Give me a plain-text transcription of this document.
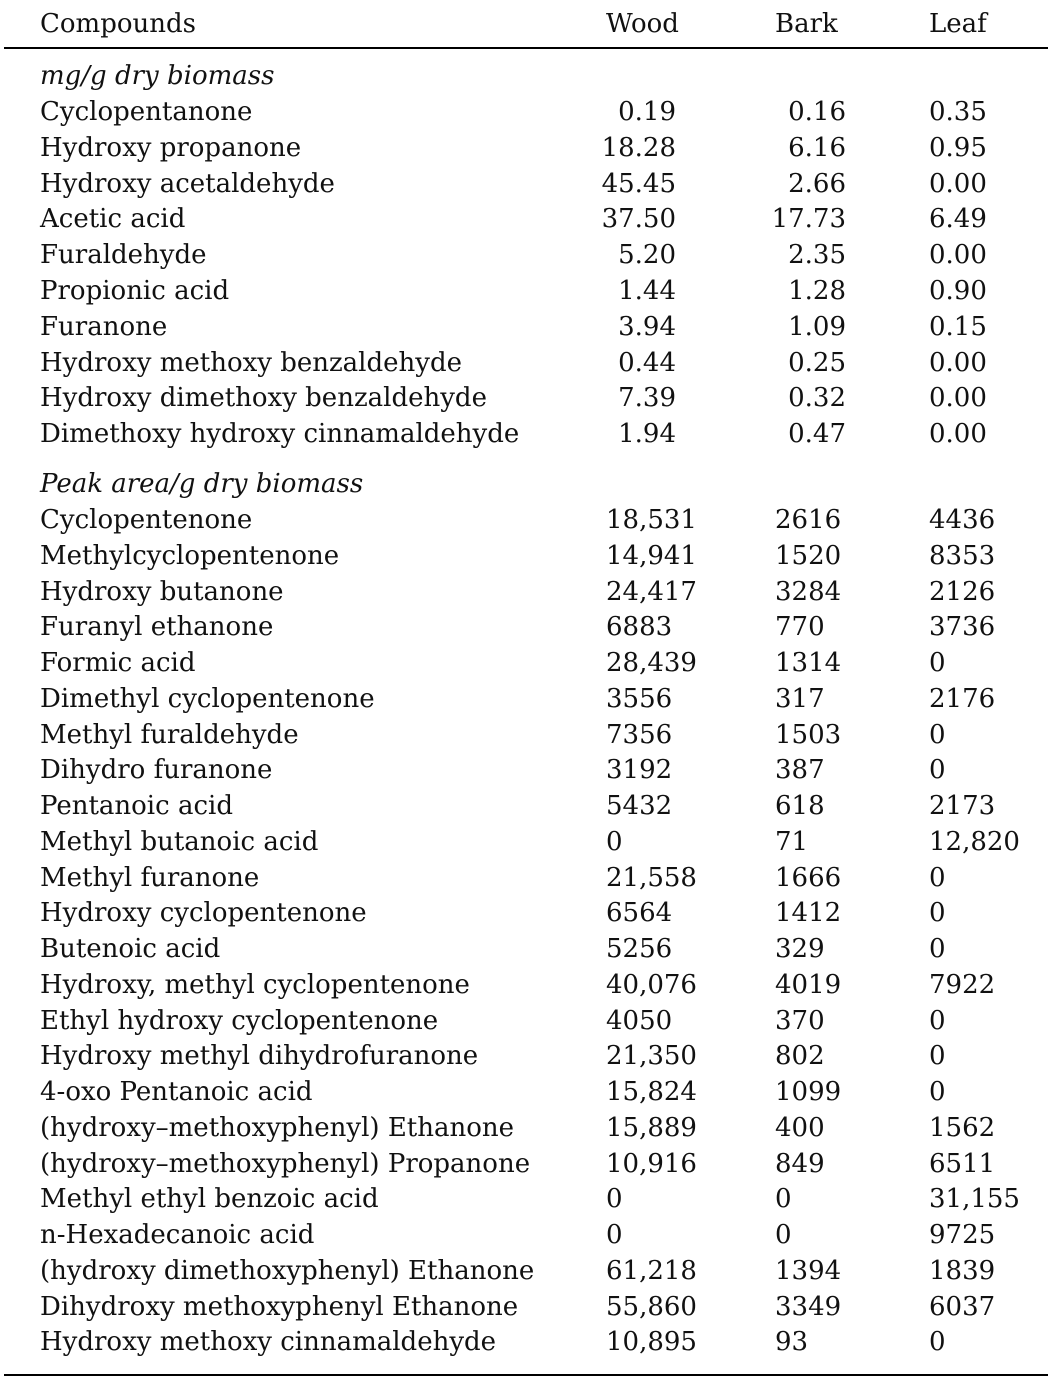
Compounds	Wood	Bark	Leaf
mg/g dry biomass
Cyclopentanone	0.19	0.16	0.35
Hydroxy propanone	18.28	6.16	0.95
Hydroxy acetaldehyde	45.45	2.66	0.00
Acetic acid	37.50	17.73	6.49
Furaldehyde	5.20	2.35	0.00
Propionic acid	1.44	1.28	0.90
Furanone	3.94	1.09	0.15
Hydroxy methoxy benzaldehyde	0.44	0.25	0.00
Hydroxy dimethoxy benzaldehyde	7.39	0.32	0.00
Dimethoxy hydroxy cinnamaldehyde	1.94	0.47	0.00
Peak area/g dry biomass
Cyclopentenone	18,531	2616	4436
Methylcyclopentenone	14,941	1520	8353
Hydroxy butanone	24,417	3284	2126
Furanyl ethanone	6883	770	3736
Formic acid	28,439	1314	0
Dimethyl cyclopentenone	3556	317	2176
Methyl furaldehyde	7356	1503	0
Dihydro furanone	3192	387	0
Pentanoic acid	5432	618	2173
Methyl butanoic acid	0	71	12,820
Methyl furanone	21,558	1666	0
Hydroxy cyclopentenone	6564	1412	0
Butenoic acid	5256	329	0
Hydroxy, methyl cyclopentenone	40,076	4019	7922
Ethyl hydroxy cyclopentenone	4050	370	0
Hydroxy methyl dihydrofuranone	21,350	802	0
4-oxo Pentanoic acid	15,824	1099	0
(hydroxy–methoxyphenyl) Ethanone	15,889	400	1562
(hydroxy–methoxyphenyl) Propanone	10,916	849	6511
Methyl ethyl benzoic acid	0	0	31,155
n-Hexadecanoic acid	0	0	9725
(hydroxy dimethoxyphenyl) Ethanone	61,218	1394	1839
Dihydroxy methoxyphenyl Ethanone	55,860	3349	6037
Hydroxy methoxy cinnamaldehyde	10,895	93	0
